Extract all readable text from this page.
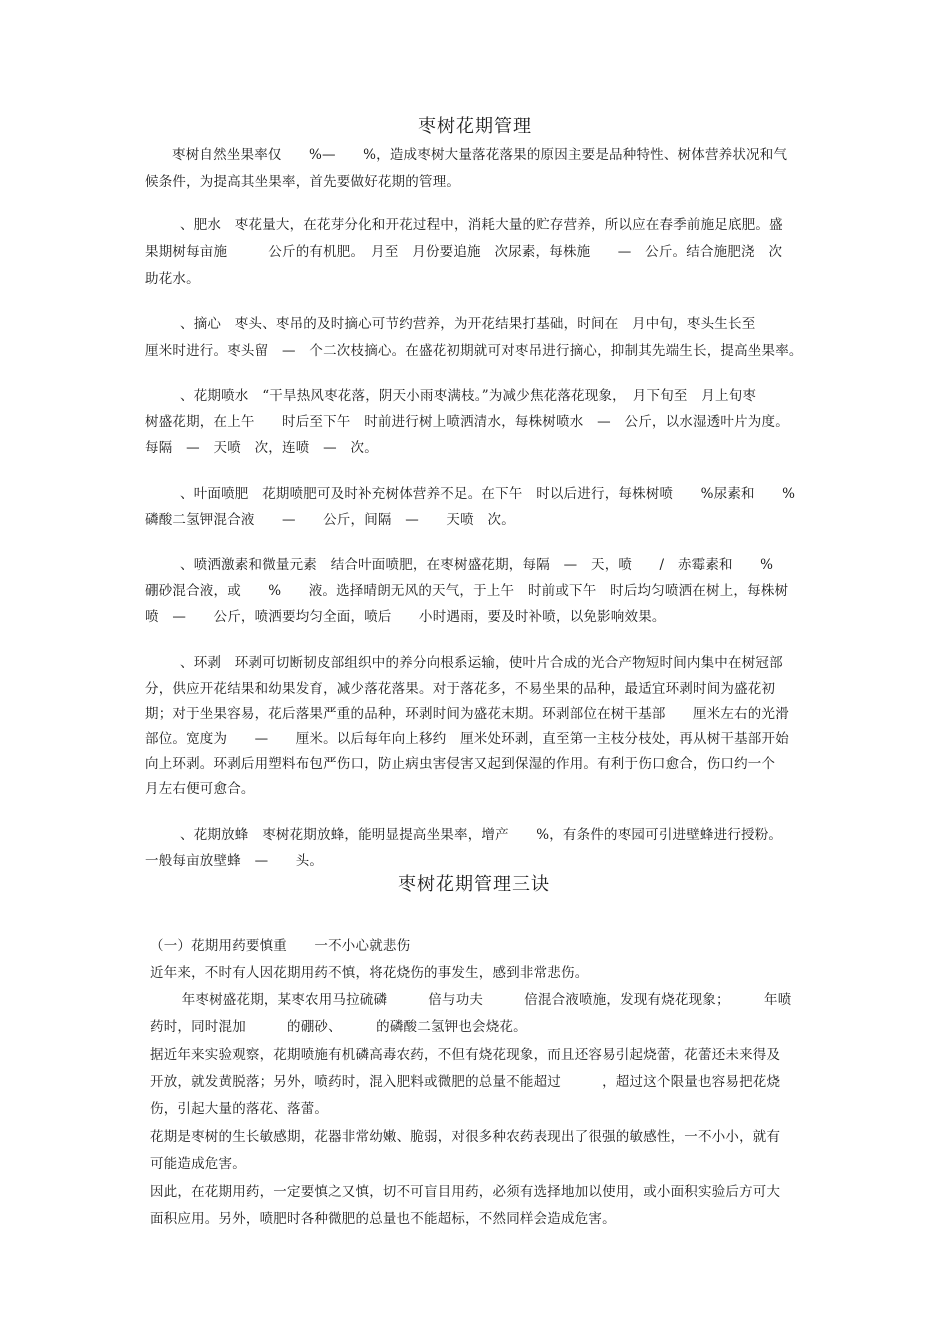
枣树花期管理
枣树自然坐果率仅　　%—　　%，造成枣树大量落花落果的原因主要是品种特性、树体营养状况和气
候条件，为提高其坐果率，首先要做好花期的管理。
、肥水　枣花量大，在花芽分化和开花过程中，消耗大量的贮存营养，所以应在春季前施足底肥。盛
果期树每亩施　　　公斤的有机肥。　月至　月份要追施　次尿素，每株施　　—　公斤。结合施肥浇　次
助花水。
、摘心　枣头、枣吊的及时摘心可节约营养，为开花结果打基础，时间在　月中旬，枣头生长至
厘米时进行。枣头留　—　个二次枝摘心。在盛花初期就可对枣吊进行摘心，抑制其先端生长，提高坐果率。
、花期喷水　“干旱热风枣花落，阴天小雨枣满枝。”为减少焦花落花现象，　月下旬至　月上旬枣
树盛花期，在上午　　时后至下午　时前进行树上喷洒清水，每株树喷水　—　公斤，以水湿透叶片为度。
每隔　—　天喷　次，连喷　—　次。
、叶面喷肥　花期喷肥可及时补充树体营养不足。在下午　时以后进行，每株树喷　　%尿素和　　%
磷酸二氢钾混合液　　—　　公斤，间隔　—　　天喷　次。
、喷洒激素和微量元素　结合叶面喷肥，在枣树盛花期，每隔　—　天，喷　　/　赤霉素和　　%
硼砂混合液，或　　%　　液。选择晴朗无风的天气，于上午　时前或下午　时后均匀喷洒在树上，每株树
喷　—　　公斤，喷洒要均匀全面，喷后　　小时遇雨，要及时补喷，以免影响效果。
、环剥　环剥可切断韧皮部组织中的养分向根系运输，使叶片合成的光合产物短时间内集中在树冠部
分，供应开花结果和幼果发育，减少落花落果。对于落花多，不易坐果的品种，最适宜环剥时间为盛花初
期；对于坐果容易，花后落果严重的品种，环剥时间为盛花末期。环剥部位在树干基部　　厘米左右的光滑
部位。宽度为　　—　　厘米。以后每年向上移约　厘米处环剥，直至第一主枝分枝处，再从树干基部开始
向上环剥。环剥后用塑料布包严伤口，防止病虫害侵害又起到保湿的作用。有利于伤口愈合，伤口约一个
月左右便可愈合。
、花期放蜂　枣树花期放蜂，能明显提高坐果率，增产　　%，有条件的枣园可引进壁蜂进行授粉。
一般每亩放壁蜂　—　　头。
枣树花期管理三诀
（一）花期用药要慎重　　一不小心就悲伤
近年来，不时有人因花期用药不慎，将花烧伤的事发生，感到非常悲伤。
　年枣树盛花期，某枣农用马拉硫磷　　　倍与功夫　　　倍混合液喷施，发现有烧花现象；　　　年喷
药时，同时混加　　　的硼砂、　　　的磷酸二氢钾也会烧花。
据近年来实验观察，花期喷施有机磷高毒农药，不但有烧花现象，而且还容易引起烧蕾，花蕾还未来得及
开放，就发黄脱落；另外，喷药时，混入肥料或微肥的总量不能超过　　　，超过这个限量也容易把花烧
伤，引起大量的落花、落蕾。
花期是枣树的生长敏感期，花器非常幼嫩、脆弱，对很多种农药表现出了很强的敏感性，一不小小，就有
可能造成危害。
因此，在花期用药，一定要慎之又慎，切不可盲目用药，必须有选择地加以使用，或小面积实验后方可大
面积应用。另外，喷肥时各种微肥的总量也不能超标，不然同样会造成危害。
